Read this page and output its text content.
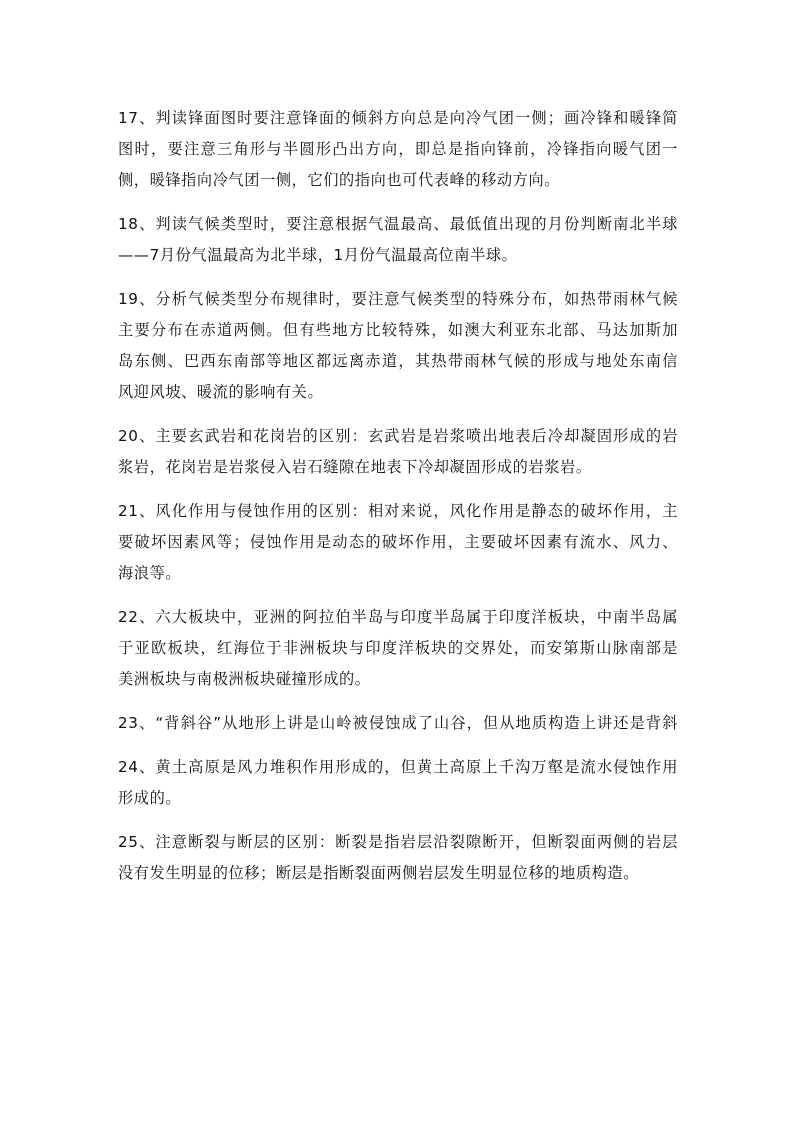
17、判读锋面图时要注意锋面的倾斜方向总是向冷气团一侧；画冷锋和暖锋简
图时，要注意三角形与半圆形凸出方向，即总是指向锋前，冷锋指向暖气团一
侧，暖锋指向冷气团一侧，它们的指向也可代表峰的移动方向。
18、判读气候类型时，要注意根据气温最高、最低值出现的月份判断南北半球
——7月份气温最高为北半球，1月份气温最高位南半球。
19、分析气候类型分布规律时，要注意气候类型的特殊分布，如热带雨林气候
主要分布在赤道两侧。但有些地方比较特殊，如澳大利亚东北部、马达加斯加
岛东侧、巴西东南部等地区都远离赤道，其热带雨林气候的形成与地处东南信
风迎风坡、暖流的影响有关。
20、主要玄武岩和花岗岩的区别：玄武岩是岩浆喷出地表后冷却凝固形成的岩
浆岩，花岗岩是岩浆侵入岩石缝隙在地表下冷却凝固形成的岩浆岩。
21、风化作用与侵蚀作用的区别：相对来说，风化作用是静态的破坏作用，主
要破坏因素风等；侵蚀作用是动态的破坏作用，主要破坏因素有流水、风力、
海浪等。
22、六大板块中，亚洲的阿拉伯半岛与印度半岛属于印度洋板块，中南半岛属
于亚欧板块，红海位于非洲板块与印度洋板块的交界处，而安第斯山脉南部是
美洲板块与南极洲板块碰撞形成的。
23、“背斜谷”从地形上讲是山岭被侵蚀成了山谷，但从地质构造上讲还是背斜
24、黄土高原是风力堆积作用形成的，但黄土高原上千沟万壑是流水侵蚀作用
形成的。
25、注意断裂与断层的区别：断裂是指岩层沿裂隙断开，但断裂面两侧的岩层
没有发生明显的位移；断层是指断裂面两侧岩层发生明显位移的地质构造。
